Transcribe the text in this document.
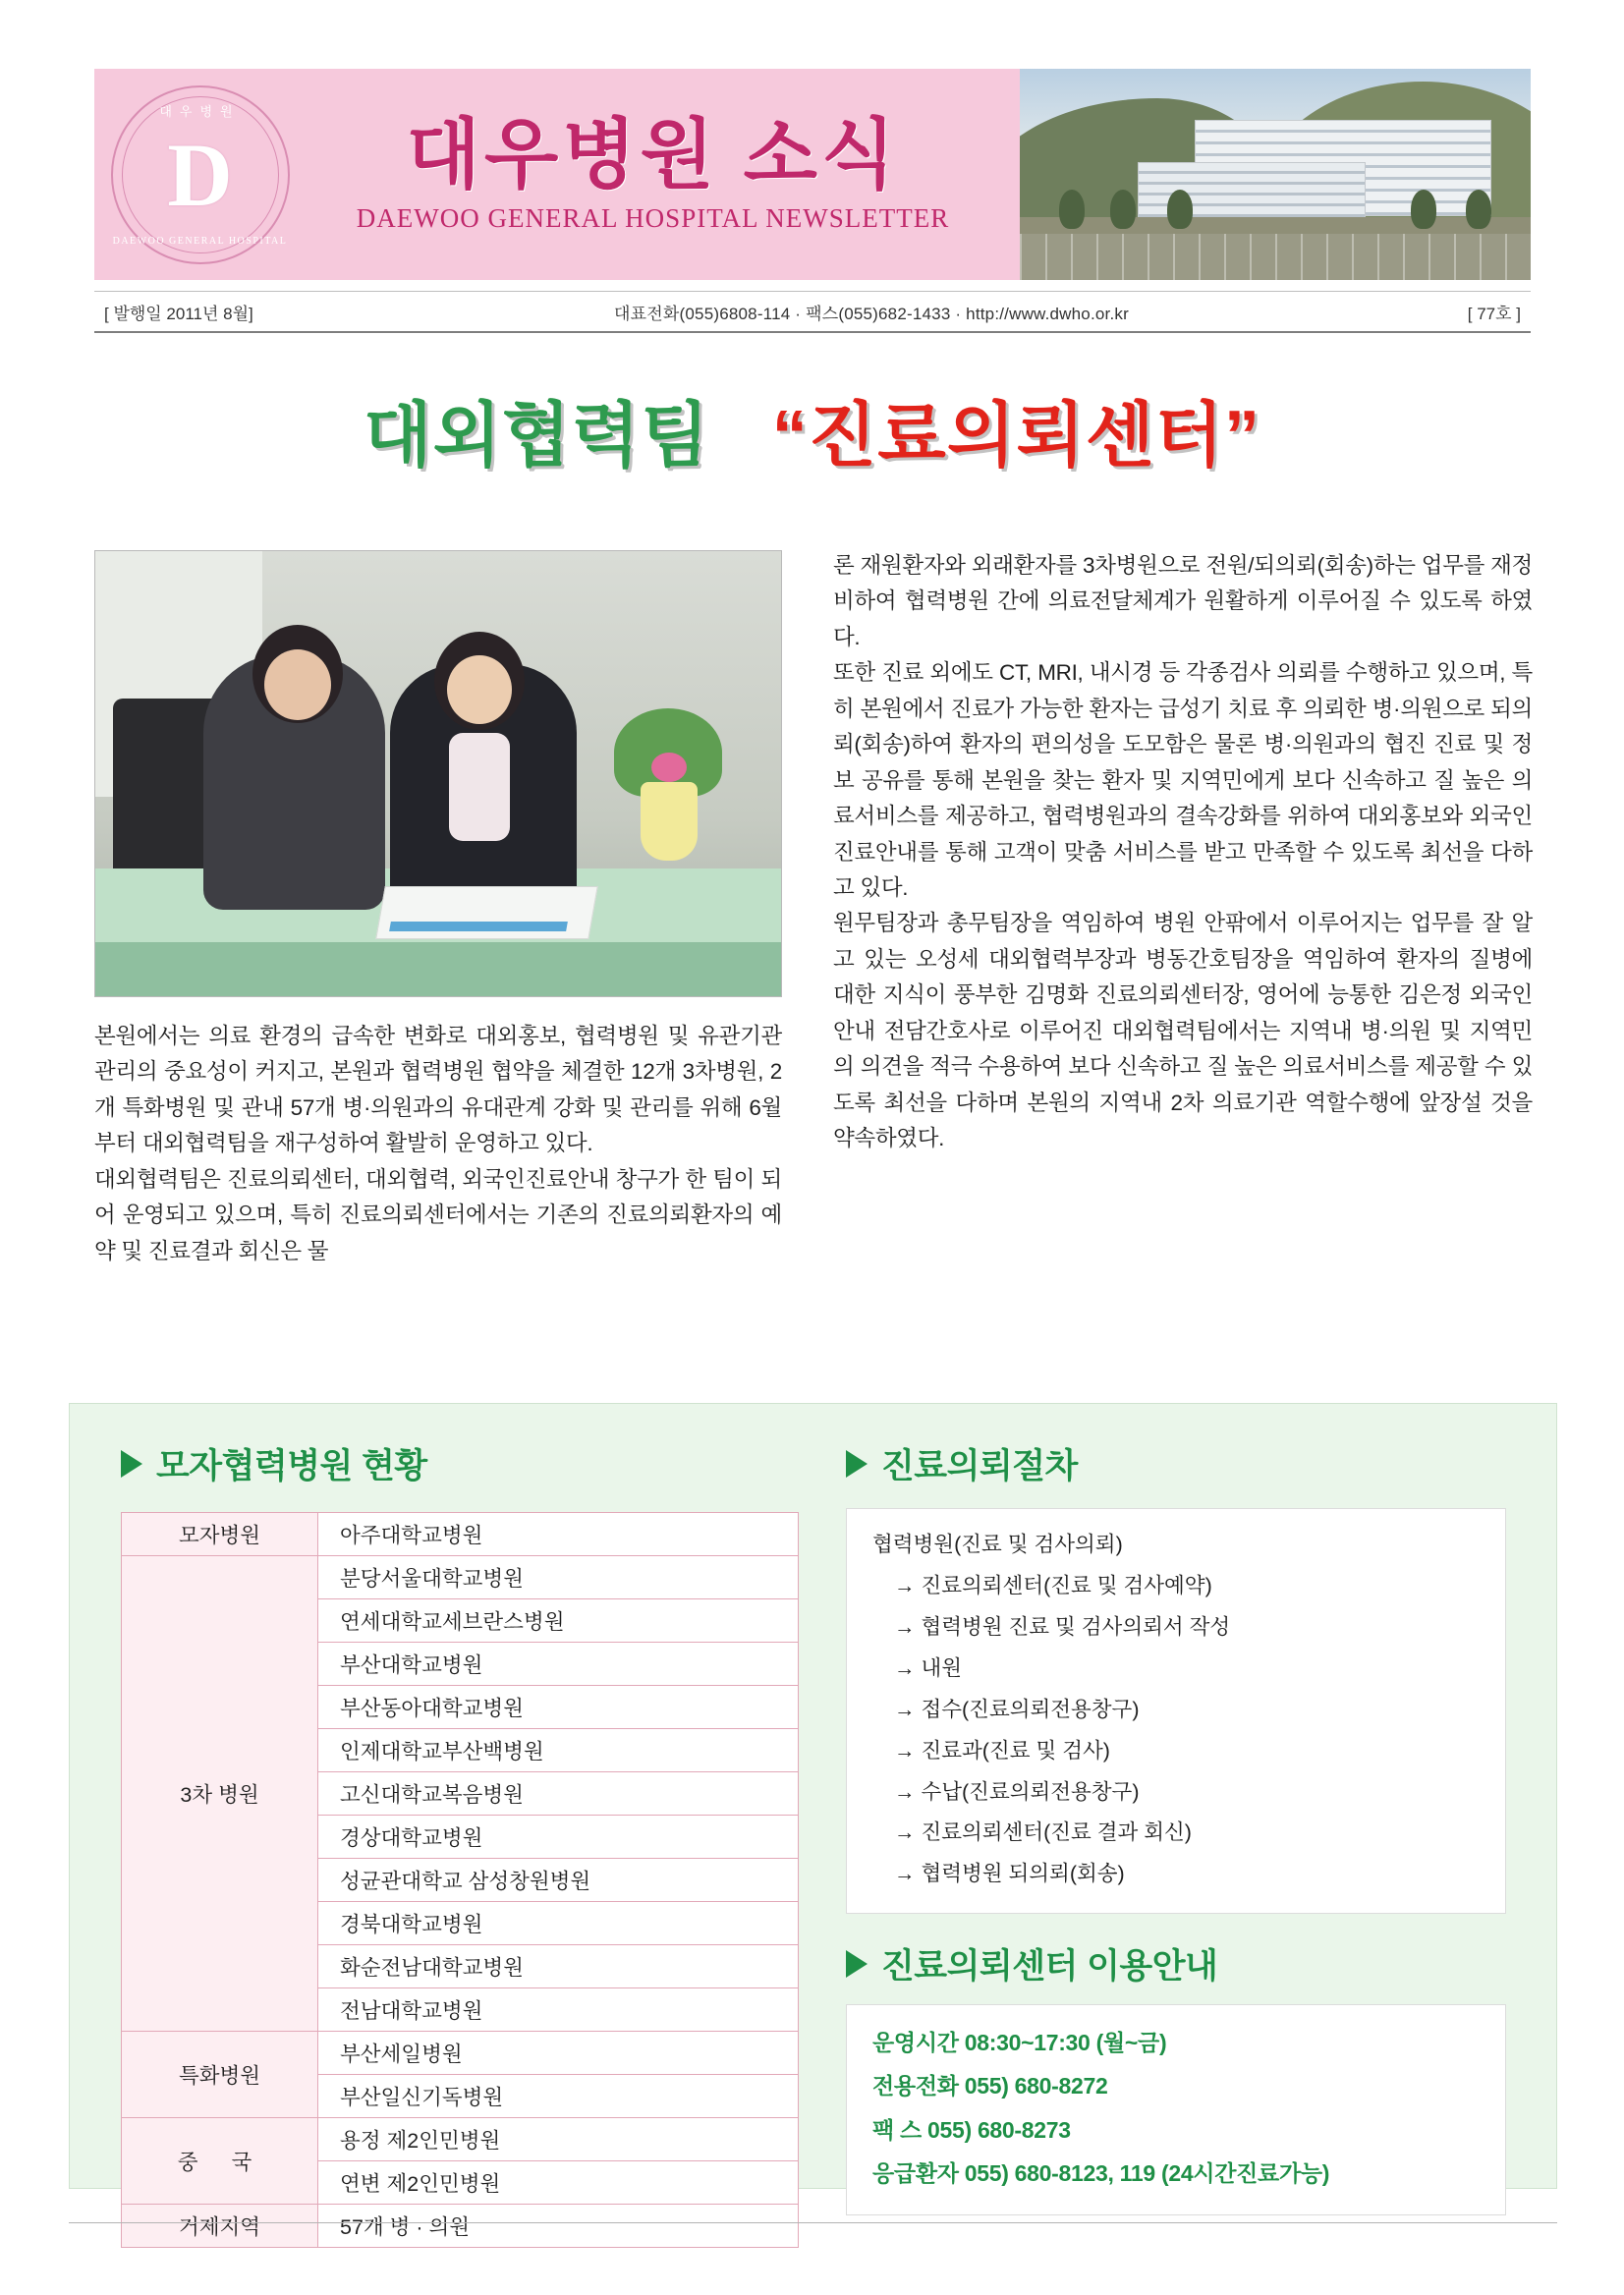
대우병원
D
DAEWOO GENERAL HOSPITAL
대우병원 소식
DAEWOO GENERAL HOSPITAL NEWSLETTER
[ 발행일 2011년 8월]	대표전화(055)6808-114 · 팩스(055)682-1433 · http://www.dwho.or.kr	[ 77호 ]
대외협력팀 “진료의뢰센터”

본원에서는 의료 환경의 급속한 변화로 대외홍보, 협력병원 및 유관기관 관리의 중요성이 커지고, 본원과 협력병원 협약을 체결한 12개 3차병원, 2개 특화병원 및 관내 57개 병·의원과의 유대관계 강화 및 관리를 위해 6월부터 대외협력팀을 재구성하여 활발히 운영하고 있다.

대외협력팀은 진료의뢰센터, 대외협력, 외국인진료안내 창구가 한 팀이 되어 운영되고 있으며, 특히 진료의뢰센터에서는 기존의 진료의뢰환자의 예약 및 진료결과 회신은 물

론 재원환자와 외래환자를 3차병원으로 전원/되의뢰(회송)하는 업무를 재정비하여 협력병원 간에 의료전달체계가 원활하게 이루어질 수 있도록 하였다.

또한 진료 외에도 CT, MRI, 내시경 등 각종검사 의뢰를 수행하고 있으며, 특히 본원에서 진료가 가능한 환자는 급성기 치료 후 의뢰한 병·의원으로 되의뢰(회송)하여 환자의 편의성을 도모함은 물론 병·의원과의 협진 진료 및 정보 공유를 통해 본원을 찾는 환자 및 지역민에게 보다 신속하고 질 높은 의료서비스를 제공하고, 협력병원과의 결속강화를 위하여 대외홍보와 외국인진료안내를 통해 고객이 맞춤 서비스를 받고 만족할 수 있도록 최선을 다하고 있다.

원무팀장과 총무팀장을 역임하여 병원 안팎에서 이루어지는 업무를 잘 알고 있는 오성세 대외협력부장과 병동간호팀장을 역임하여 환자의 질병에 대한 지식이 풍부한 김명화 진료의뢰센터장, 영어에 능통한 김은정 외국인 안내 전담간호사로 이루어진 대외협력팀에서는 지역내 병·의원 및 지역민의 의견을 적극 수용하여 보다 신속하고 질 높은 의료서비스를 제공할 수 있도록 최선을 다하며 본원의 지역내 2차 의료기관 역할수행에 앞장설 것을 약속하였다.

모자협력병원 현황
모자병원	아주대학교병원
3차 병원	분당서울대학교병원
	연세대학교세브란스병원
	부산대학교병원
	부산동아대학교병원
	인제대학교부산백병원
	고신대학교복음병원
	경상대학교병원
	성균관대학교 삼성창원병원
	경북대학교병원
	화순전남대학교병원
	전남대학교병원
특화병원	부산세일병원
	부산일신기독병원
중 국	용정 제2인민병원
	연변 제2인민병원
거제지역	57개 병 · 의원
진료의뢰절차
협력병원(진료 및 검사의뢰)
→ 진료의뢰센터(진료 및 검사예약)
→ 협력병원 진료 및 검사의뢰서 작성
→ 내원
→ 접수(진료의뢰전용창구)
→ 진료과(진료 및 검사)
→ 수납(진료의뢰전용창구)
→ 진료의뢰센터(진료 결과 회신)
→ 협력병원 되의뢰(회송)
진료의뢰센터 이용안내
운영시간 08:30~17:30 (월~금)
전용전화 055) 680-8272
팩 스 055) 680-8273
응급환자 055) 680-8123, 119 (24시간진료가능)
